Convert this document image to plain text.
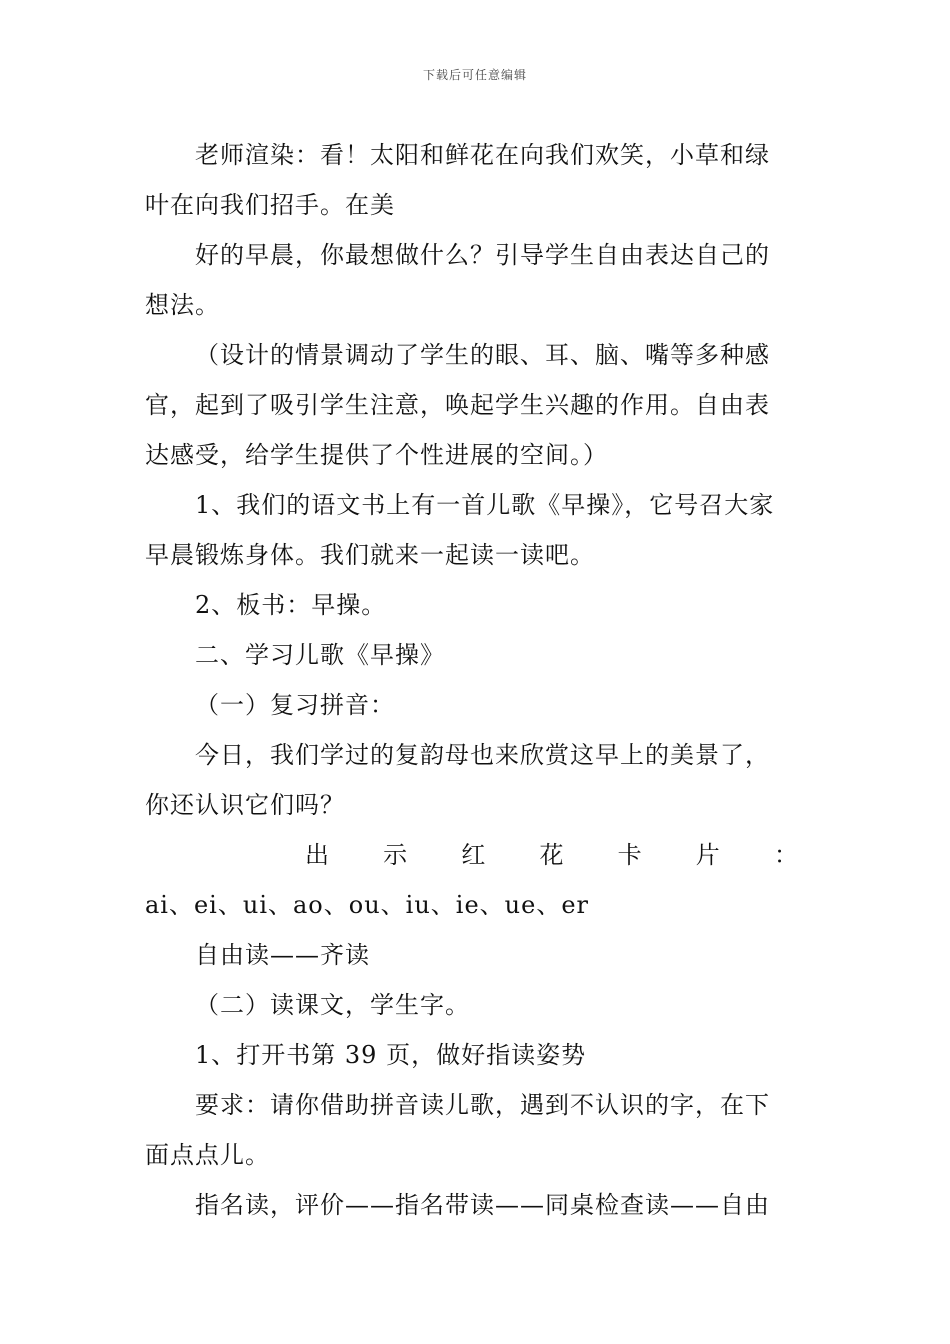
下载后可任意编辑
老师渲染：看！太阳和鲜花在向我们欢笑，小草和绿
叶在向我们招手。在美
好的早晨，你最想做什么？引导学生自由表达自己的
想法。
（设计的情景调动了学生的眼、耳、脑、嘴等多种感
官，起到了吸引学生注意，唤起学生兴趣的作用。自由表
达感受，给学生提供了个性进展的空间。）
1、我们的语文书上有一首儿歌《早操》，它号召大家
早晨锻炼身体。我们就来一起读一读吧。
2、板书：早操。
二、学习儿歌《早操》
（一）复习拼音：
今日，我们学过的复韵母也来欣赏这早上的美景了，
你还认识它们吗？
出 示 红 花 卡 片 ：
ai、ei、ui、ao、ou、iu、ie、ue、er
自由读——齐读
（二）读课文，学生字。
1、打开书第 39 页，做好指读姿势
要求：请你借助拼音读儿歌，遇到不认识的字，在下
面点点儿。
指名读，评价——指名带读——同桌检查读——自由
